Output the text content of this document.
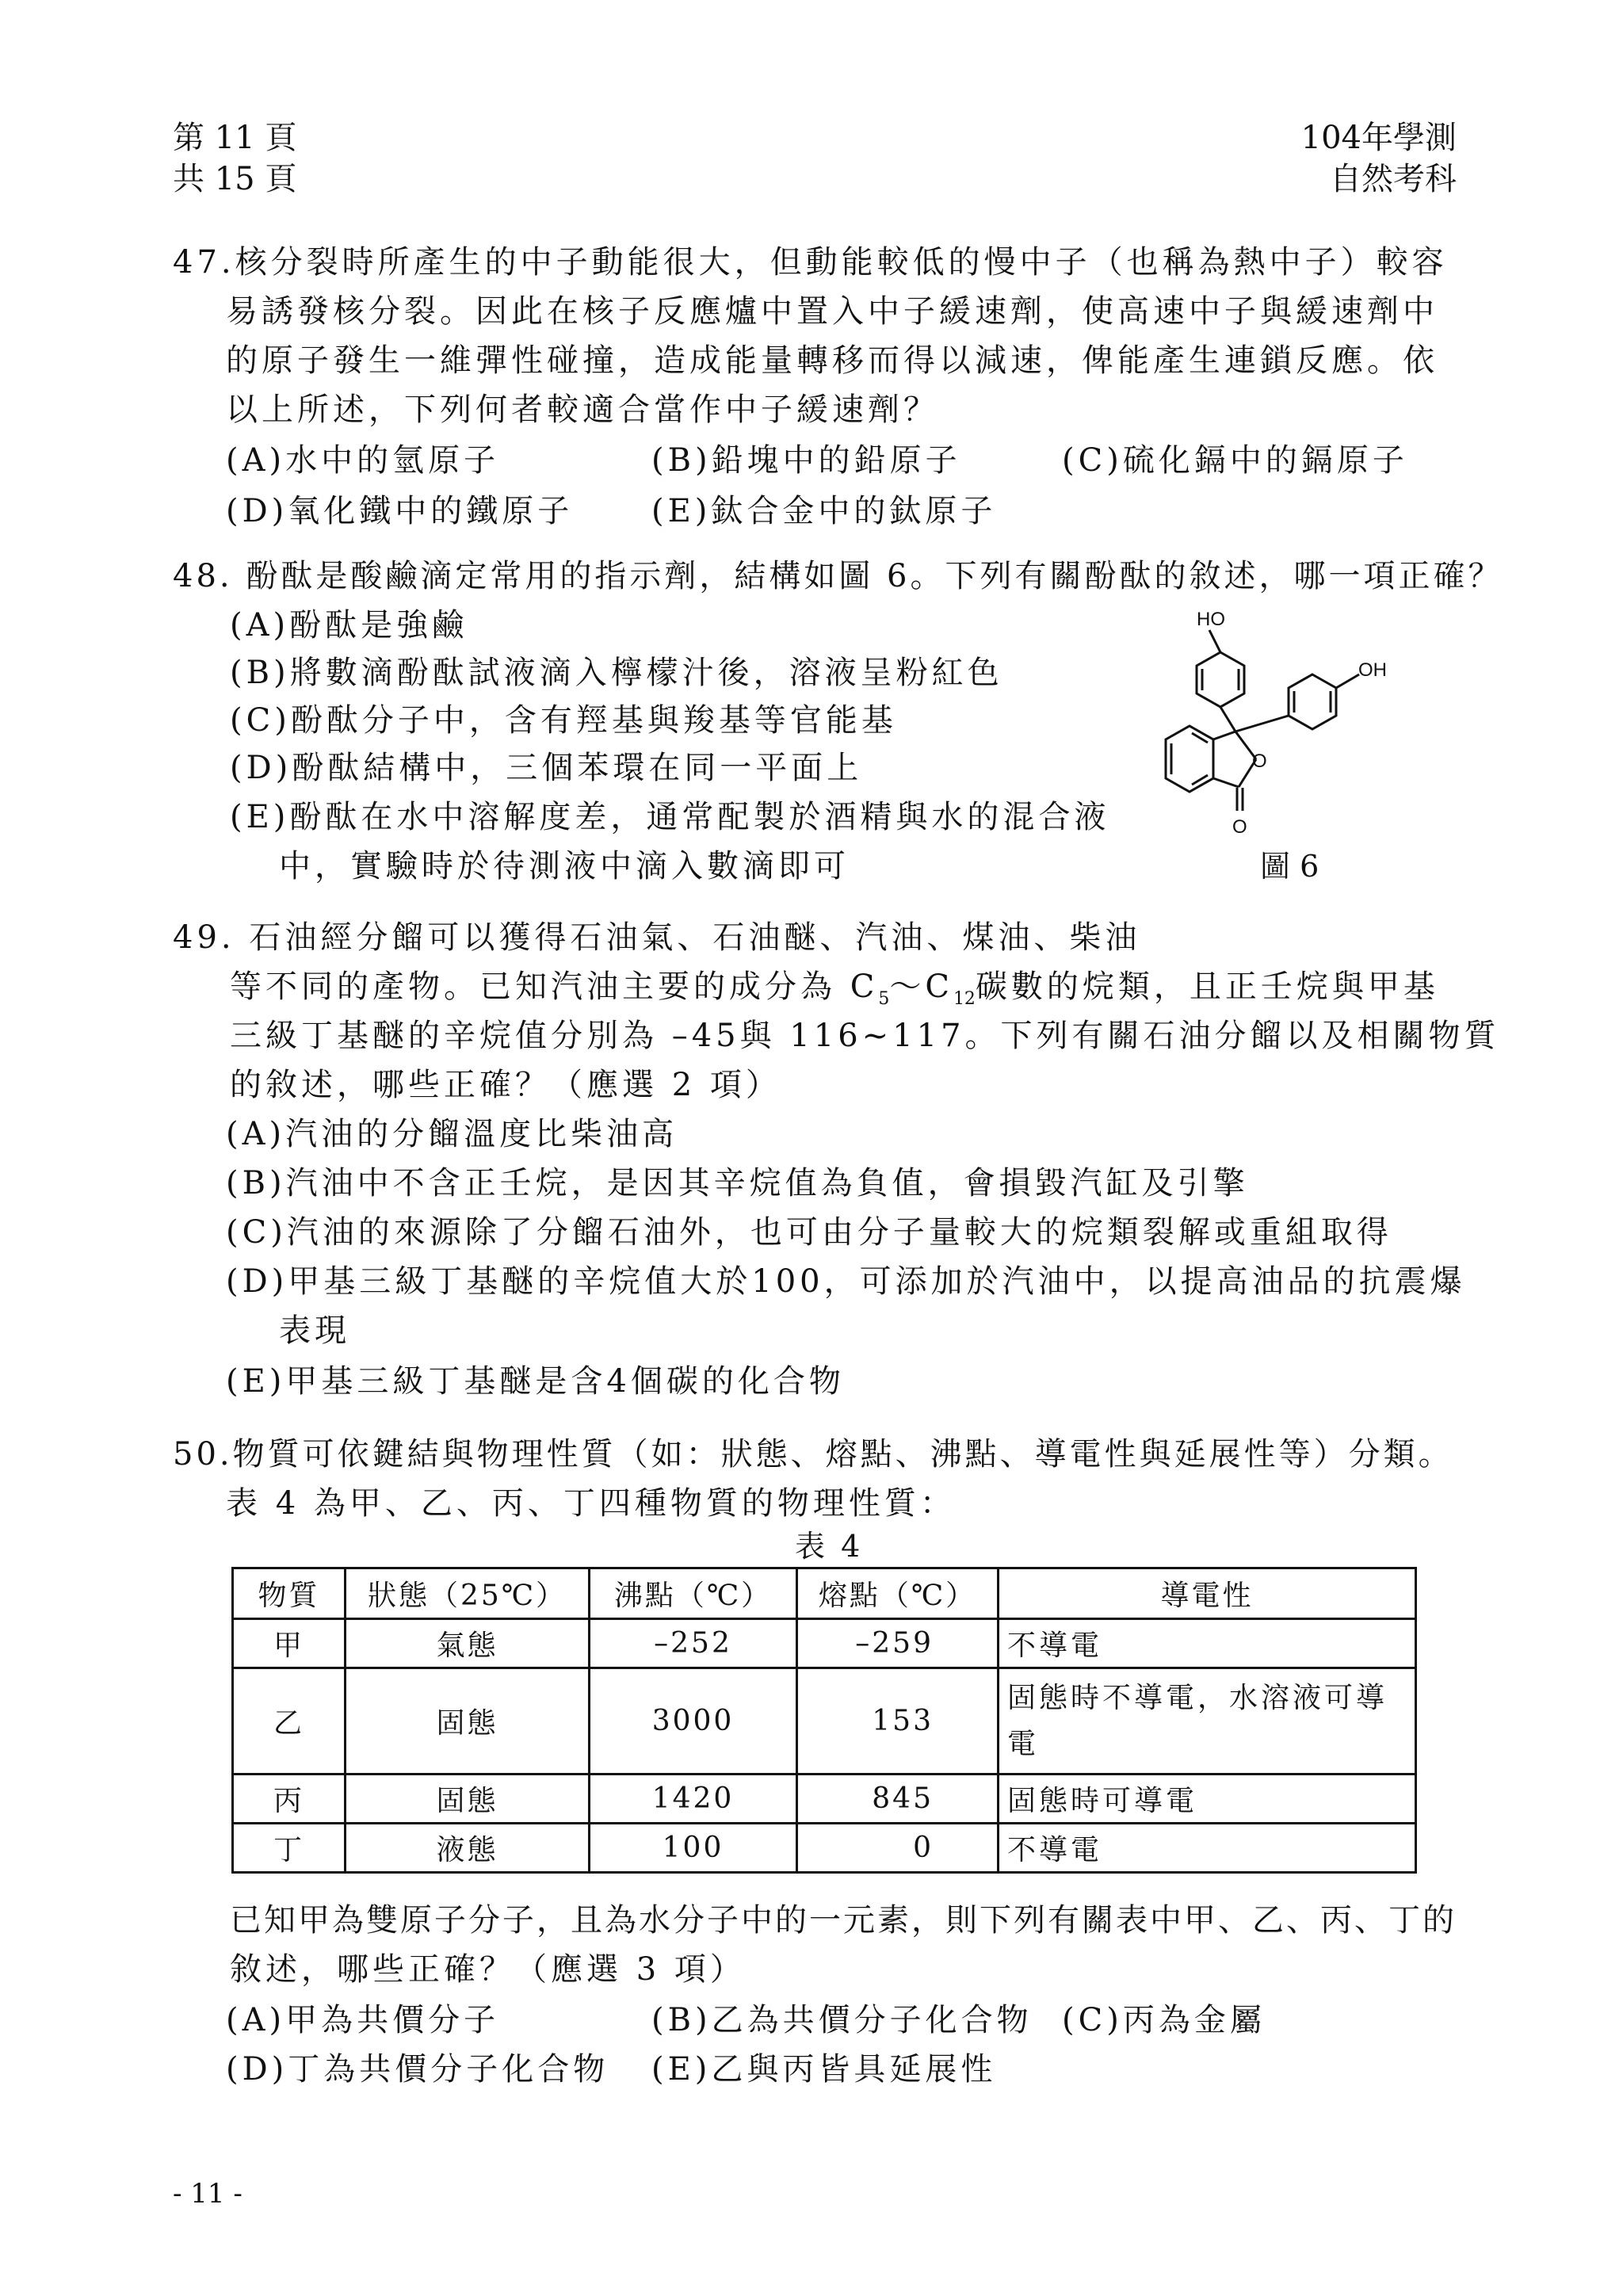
第 11 頁
共 15 頁
104年學測
自然考科
47.核分裂時所產生的中子動能很大，但動能較低的慢中子（也稱為熱中子）較容
易誘發核分裂。因此在核子反應爐中置入中子緩速劑，使高速中子與緩速劑中
的原子發生一維彈性碰撞，造成能量轉移而得以減速，俾能產生連鎖反應。依
以上所述，下列何者較適合當作中子緩速劑？
(A)水中的氫原子	(B)鉛塊中的鉛原子	(C)硫化鎘中的鎘原子
(D)氧化鐵中的鐵原子 (E)鈦合金中的鈦原子
48. 酚酞是酸鹼滴定常用的指示劑，結構如圖 6。下列有關酚酞的敘述，哪一項正確？
(A)酚酞是強鹼
(B)將數滴酚酞試液滴入檸檬汁後，溶液呈粉紅色
(C)酚酞分子中，含有羥基與羧基等官能基
(D)酚酞結構中，三個苯環在同一平面上
(E)酚酞在水中溶解度差，通常配製於酒精與水的混合液
中，實驗時於待測液中滴入數滴即可
HO
OH
O
O
圖 6
49. 石油經分餾可以獲得石油氣、石油醚、汽油、煤油、柴油
等不同的產物。已知汽油主要的成分為 $C_5\sim C_{12}$碳數的烷類，且正壬烷與甲基
三級丁基醚的辛烷值分別為 –45與 116~117。下列有關石油分餾以及相關物質
的敘述，哪些正確？（應選 2 項）
(A)汽油的分餾溫度比柴油高
(B)汽油中不含正壬烷，是因其辛烷值為負值，會損毀汽缸及引擎
(C)汽油的來源除了分餾石油外，也可由分子量較大的烷類裂解或重組取得
(D)甲基三級丁基醚的辛烷值大於100，可添加於汽油中，以提高油品的抗震爆
表現
(E)甲基三級丁基醚是含4個碳的化合物
50.物質可依鍵結與物理性質（如：狀態、熔點、沸點、導電性與延展性等）分類。
表 4 為甲、乙、丙、丁四種物質的物理性質：
表 4
物質	狀態（25℃）	沸點（℃）	熔點（℃）	導電性
甲	氣態	–252	–259	不導電
乙	固態	3000	153	固態時不導電，水溶液可導電
丙	固態	1420	845	固態時可導電
丁	液態	100	0	不導電
已知甲為雙原子分子，且為水分子中的一元素，則下列有關表中甲、乙、丙、丁的
敘述，哪些正確？（應選 3 項）
(A)甲為共價分子	(B)乙為共價分子化合物 (C)丙為金屬
(D)丁為共價分子化合物 (E)乙與丙皆具延展性
- 11 -
